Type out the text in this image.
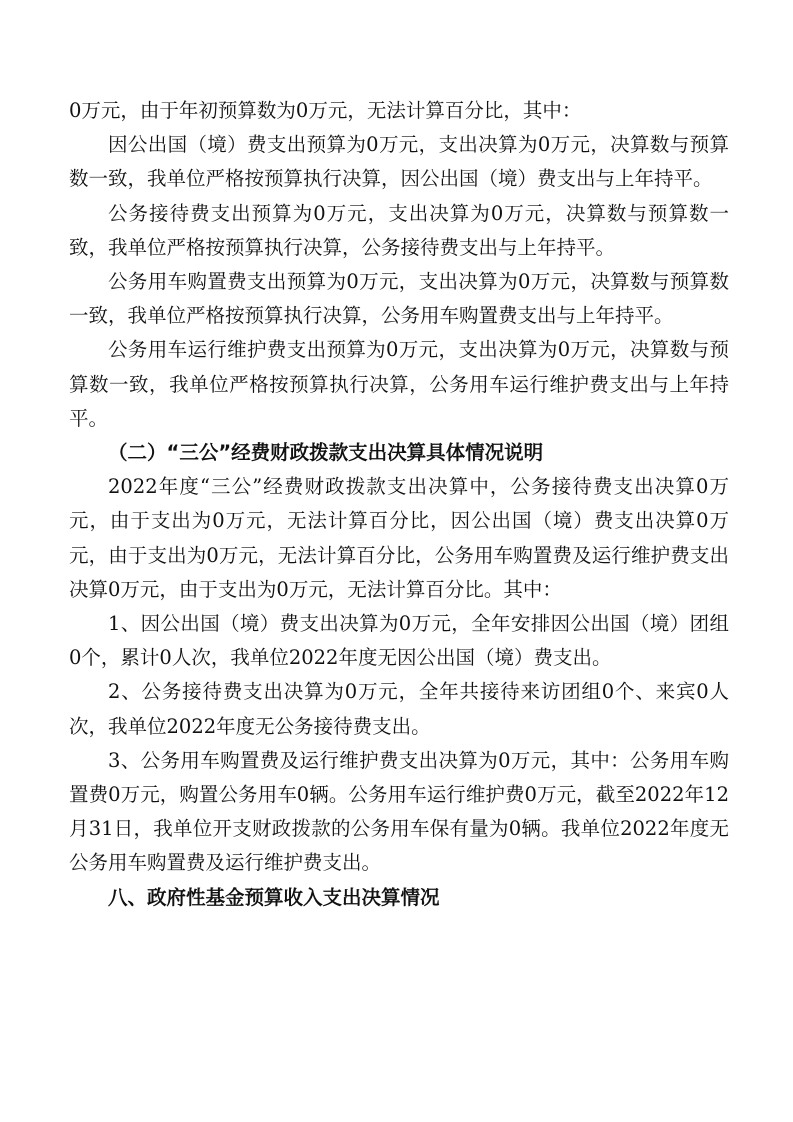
0万元，由于年初预算数为0万元，无法计算百分比，其中：

因公出国（境）费支出预算为0万元，支出决算为0万元，决算数与预算数一致，我单位严格按预算执行决算，因公出国（境）费支出与上年持平。

公务接待费支出预算为0万元，支出决算为0万元，决算数与预算数一致，我单位严格按预算执行决算，公务接待费支出与上年持平。

公务用车购置费支出预算为0万元，支出决算为0万元，决算数与预算数一致，我单位严格按预算执行决算，公务用车购置费支出与上年持平。

公务用车运行维护费支出预算为0万元，支出决算为0万元，决算数与预算数一致，我单位严格按预算执行决算，公务用车运行维护费支出与上年持平。

（二）“三公”经费财政拨款支出决算具体情况说明

2022年度“三公”经费财政拨款支出决算中，公务接待费支出决算0万元，由于支出为0万元，无法计算百分比，因公出国（境）费支出决算0万元，由于支出为0万元，无法计算百分比，公务用车购置费及运行维护费支出决算0万元，由于支出为0万元，无法计算百分比。其中：

1、因公出国（境）费支出决算为0万元，全年安排因公出国（境）团组0个，累计0人次，我单位2022年度无因公出国（境）费支出。

2、公务接待费支出决算为0万元，全年共接待来访团组0个、来宾0人次，我单位2022年度无公务接待费支出。

3、公务用车购置费及运行维护费支出决算为0万元，其中：公务用车购置费0万元，购置公务用车0辆。公务用车运行维护费0万元，截至2022年12月31日，我单位开支财政拨款的公务用车保有量为0辆。我单位2022年度无公务用车购置费及运行维护费支出。

八、政府性基金预算收入支出决算情况
